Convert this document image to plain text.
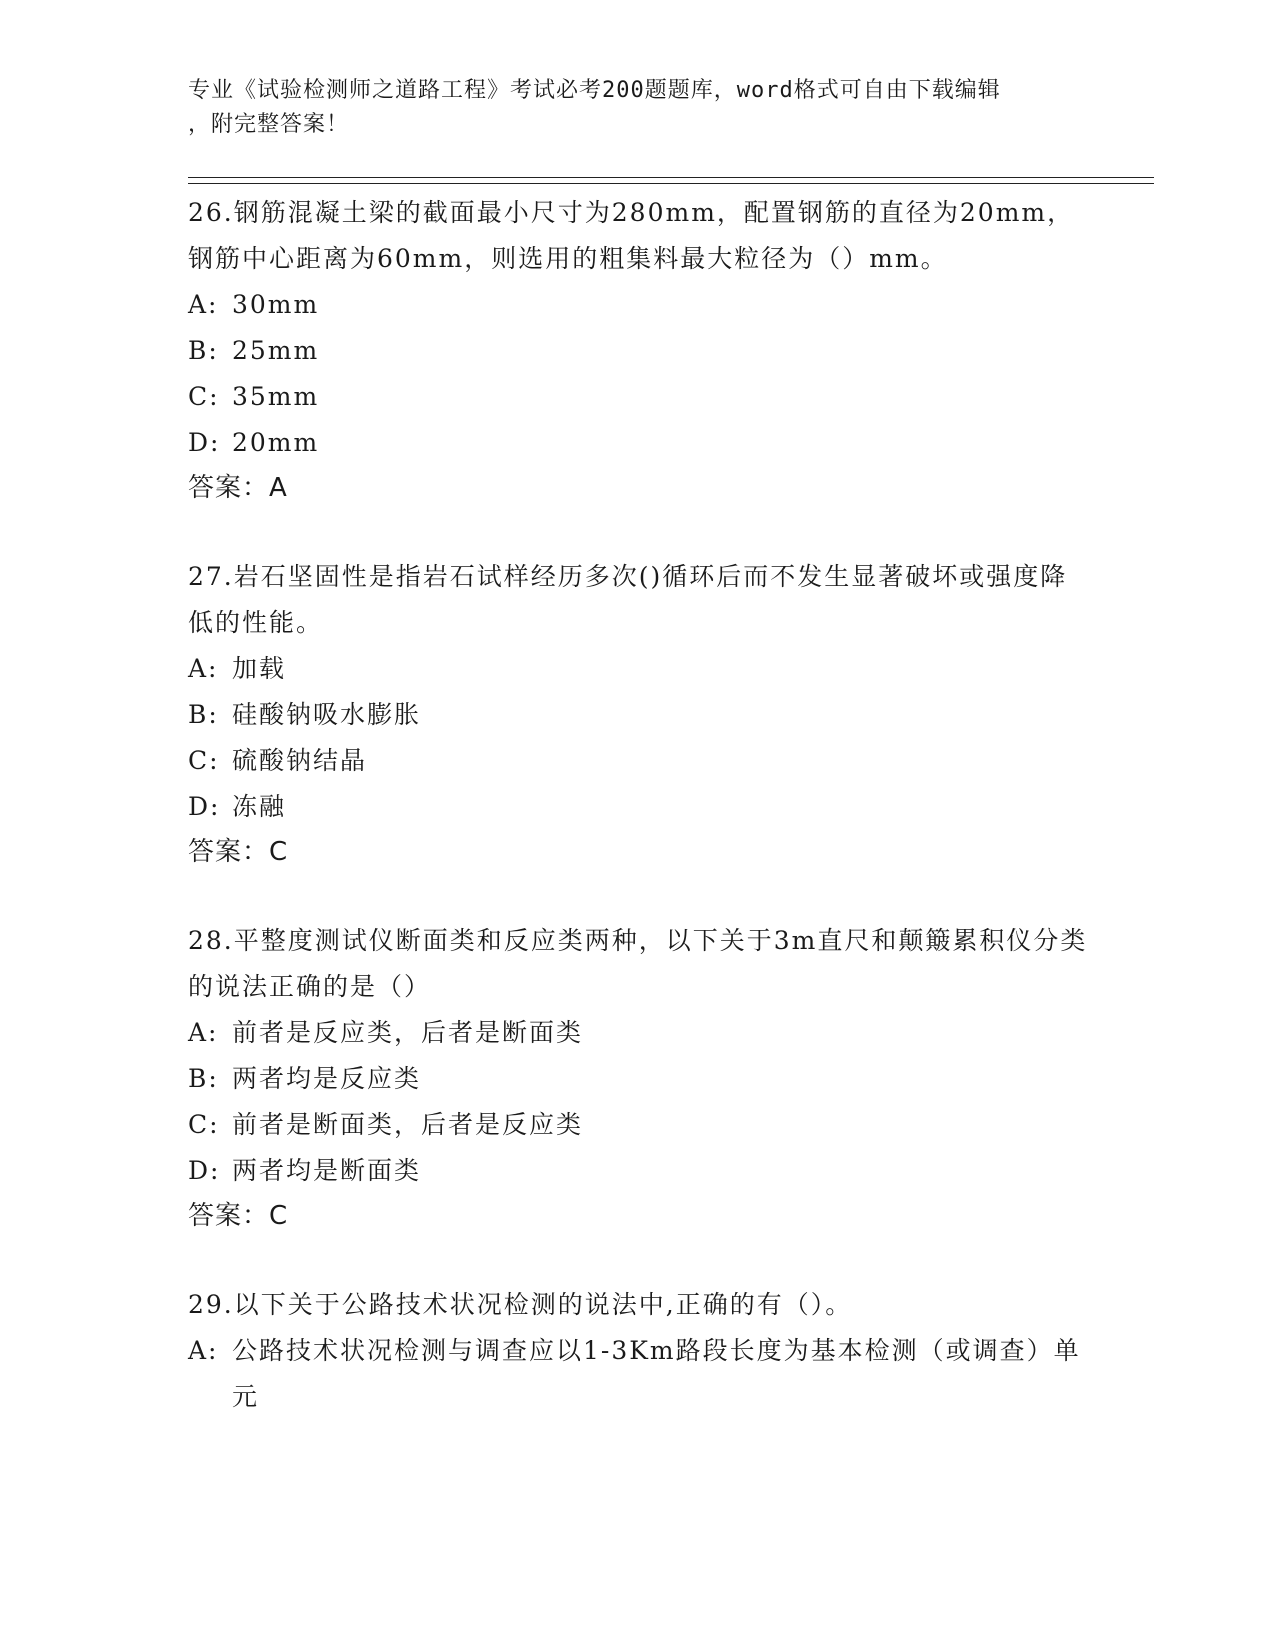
专业《试验检测师之道路工程》考试必考200题题库，word格式可自由下载编辑
，附完整答案！

26.钢筋混凝土梁的截面最小尺寸为280mm，配置钢筋的直径为20mm，钢筋中心距离为60mm，则选用的粗集料最大粒径为（）mm。

A: 30mm
B: 25mm
C: 35mm
D: 20mm
答案：A

27.岩石坚固性是指岩石试样经历多次()循环后而不发生显著破坏或强度降低的性能。

A: 加载
B: 硅酸钠吸水膨胀
C: 硫酸钠结晶
D: 冻融
答案：C

28.平整度测试仪断面类和反应类两种，以下关于3m直尺和颠簸累积仪分类的说法正确的是（）

A: 前者是反应类，后者是断面类
B: 两者均是反应类
C: 前者是断面类，后者是反应类
D: 两者均是断面类
答案：C

29.以下关于公路技术状况检测的说法中,正确的有（）。

A: 公路技术状况检测与调查应以1-3Km路段长度为基本检测（或调查）单元
